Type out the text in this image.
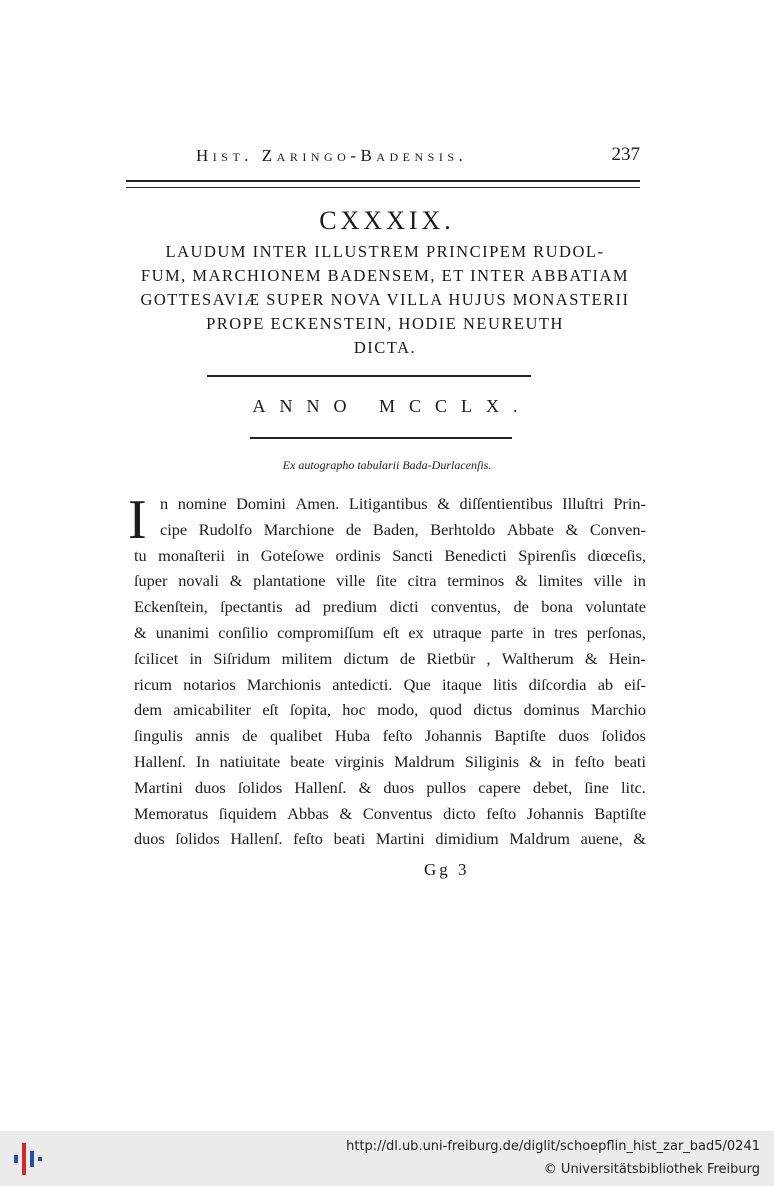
Hist. Zaringo-Badensis.	237
CXXXIX.
LAUDUM INTER ILLUSTREM PRINCIPEM RUDOL-
FUM, MARCHIONEM BADENSEM, ET INTER ABBATIAM
GOTTESAVIÆ SUPER NOVA VILLA HUJUS MONASTERII
PROPE ECKENSTEIN, HODIE NEUREUTH
DICTA.
ANNO MCCLX.
Ex autographo tabularii Bada-Durlacenſis.
I n nomine Domini Amen. Litigantibus & diſſentientibus Illuſtri Prin-
cipe Rudolfo Marchione de Baden, Berhtoldo Abbate & Conven-
tu monaſterii in Goteſowe ordinis Sancti Benedicti Spirenſis diœceſis,
ſuper novali & plantatione ville ſite citra terminos & limites ville in
Eckenſtein, ſpectantis ad predium dicti conventus, de bona voluntate
& unanimi conſilio compromiſſum eſt ex utraque parte in tres perſonas,
ſcilicet in Siſridum militem dictum de Rietbür , Waltherum & Hein-
ricum notarios Marchionis antedicti. Que itaque litis diſcordia ab eiſ-
dem amicabiliter eſt ſopita, hoc modo, quod dictus dominus Marchio
ſingulis annis de qualibet Huba feſto Johannis Baptiſte duos ſolidos
Hallenſ. In natiuitate beate virginis Maldrum Siliginis & in feſto beati
Martini duos ſolidos Hallenſ. & duos pullos capere debet, ſine litc.
Memoratus ſiquidem Abbas & Conventus dicto feſto Johannis Baptiſte
duos ſolidos Hallenſ. feſto beati Martini dimidium Maldrum auene, &
Gg 3
http://dl.ub.uni-freiburg.de/diglit/schoepflin_hist_zar_bad5/0241
© Universitätsbibliothek Freiburg
